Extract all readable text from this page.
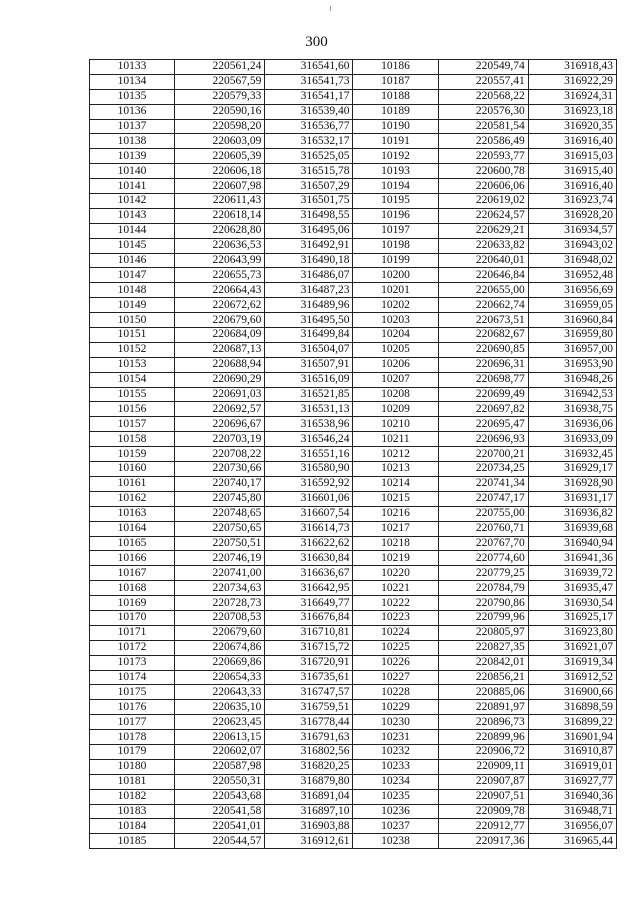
300
10133	220561,24	316541,60	10186	220549,74	316918,43
10134	220567,59	316541,73	10187	220557,41	316922,29
10135	220579,33	316541,17	10188	220568,22	316924,31
10136	220590,16	316539,40	10189	220576,30	316923,18
10137	220598,20	316536,77	10190	220581,54	316920,35
10138	220603,09	316532,17	10191	220586,49	316916,40
10139	220605,39	316525,05	10192	220593,77	316915,03
10140	220606,18	316515,78	10193	220600,78	316915,40
10141	220607,98	316507,29	10194	220606,06	316916,40
10142	220611,43	316501,75	10195	220619,02	316923,74
10143	220618,14	316498,55	10196	220624,57	316928,20
10144	220628,80	316495,06	10197	220629,21	316934,57
10145	220636,53	316492,91	10198	220633,82	316943,02
10146	220643,99	316490,18	10199	220640,01	316948,02
10147	220655,73	316486,07	10200	220646,84	316952,48
10148	220664,43	316487,23	10201	220655,00	316956,69
10149	220672,62	316489,96	10202	220662,74	316959,05
10150	220679,60	316495,50	10203	220673,51	316960,84
10151	220684,09	316499,84	10204	220682,67	316959,80
10152	220687,13	316504,07	10205	220690,85	316957,00
10153	220688,94	316507,91	10206	220696,31	316953,90
10154	220690,29	316516,09	10207	220698,77	316948,26
10155	220691,03	316521,85	10208	220699,49	316942,53
10156	220692,57	316531,13	10209	220697,82	316938,75
10157	220696,67	316538,96	10210	220695,47	316936,06
10158	220703,19	316546,24	10211	220696,93	316933,09
10159	220708,22	316551,16	10212	220700,21	316932,45
10160	220730,66	316580,90	10213	220734,25	316929,17
10161	220740,17	316592,92	10214	220741,34	316928,90
10162	220745,80	316601,06	10215	220747,17	316931,17
10163	220748,65	316607,54	10216	220755,00	316936,82
10164	220750,65	316614,73	10217	220760,71	316939,68
10165	220750,51	316622,62	10218	220767,70	316940,94
10166	220746,19	316630,84	10219	220774,60	316941,36
10167	220741,00	316636,67	10220	220779,25	316939,72
10168	220734,63	316642,95	10221	220784,79	316935,47
10169	220728,73	316649,77	10222	220790,86	316930,54
10170	220708,53	316676,84	10223	220799,96	316925,17
10171	220679,60	316710,81	10224	220805,97	316923,80
10172	220674,86	316715,72	10225	220827,35	316921,07
10173	220669,86	316720,91	10226	220842,01	316919,34
10174	220654,33	316735,61	10227	220856,21	316912,52
10175	220643,33	316747,57	10228	220885,06	316900,66
10176	220635,10	316759,51	10229	220891,97	316898,59
10177	220623,45	316778,44	10230	220896,73	316899,22
10178	220613,15	316791,63	10231	220899,96	316901,94
10179	220602,07	316802,56	10232	220906,72	316910,87
10180	220587,98	316820,25	10233	220909,11	316919,01
10181	220550,31	316879,80	10234	220907,87	316927,77
10182	220543,68	316891,04	10235	220907,51	316940,36
10183	220541,58	316897,10	10236	220909,78	316948,71
10184	220541,01	316903,88	10237	220912,77	316956,07
10185	220544,57	316912,61	10238	220917,36	316965,44
